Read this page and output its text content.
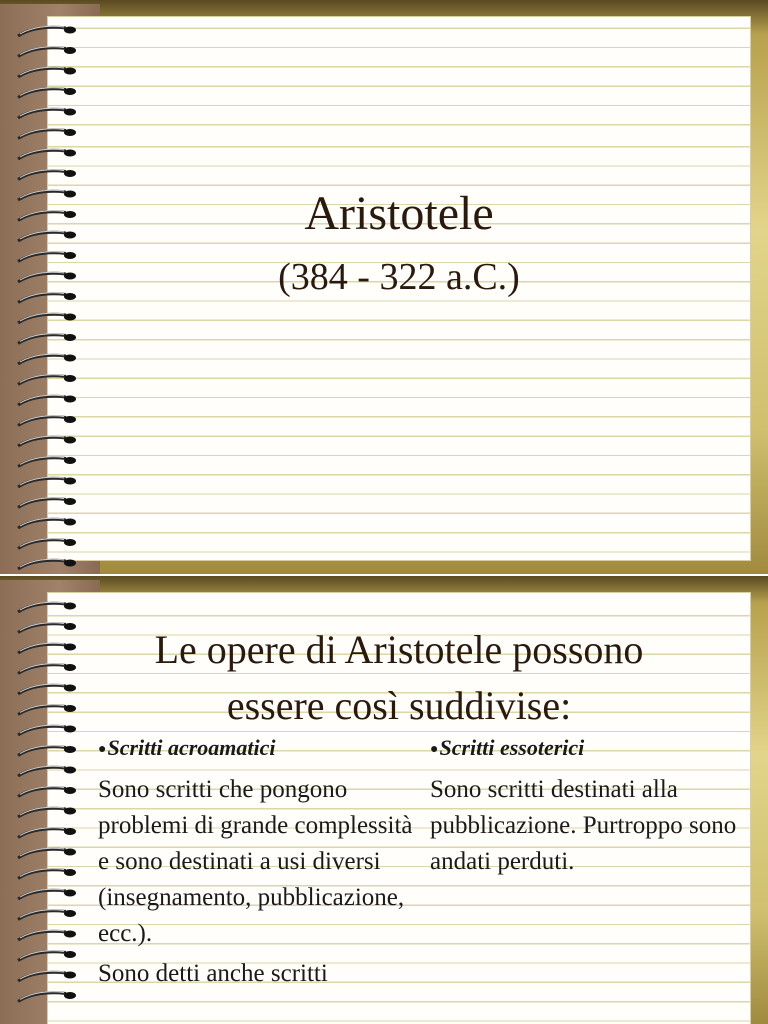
Aristotele
(384 - 322 a.C.)
Le opere di Aristotele possono
essere così suddivise:
●Scritti acroamatici
Sono scritti che pongono problemi di grande complessità e sono destinati a usi diversi (insegnamento, pubblicazione, ecc.).
Sono detti anche scritti
●Scritti essoterici
Sono scritti destinati alla pubblicazione. Purtroppo sono andati perduti.
